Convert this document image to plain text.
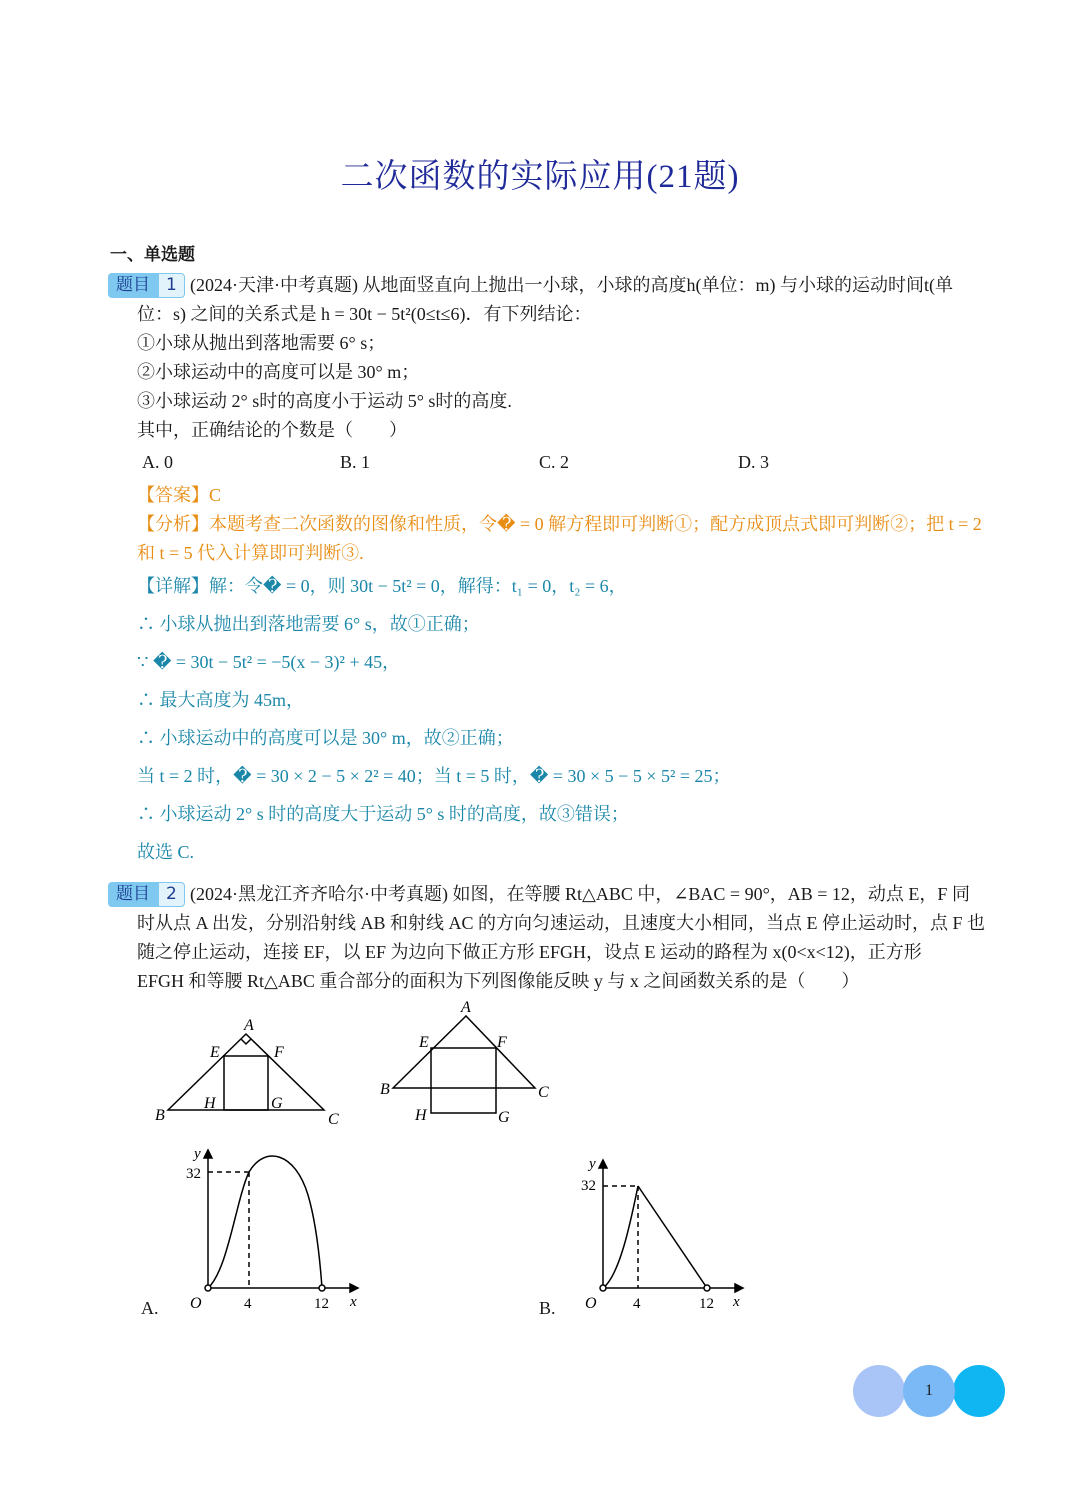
二次函数的实际应用(21题)
一、单选题
题目 1 (2024·天津·中考真题) 从地面竖直向上抛出一小球，小球的高度h(单位：m) 与小球的运动时间t(单
位：s) 之间的关系式是 h = 30t − 5t²(0≤t≤6)．有下列结论：
①小球从抛出到落地需要 6° s；
②小球运动中的高度可以是 30° m；
③小球运动 2° s时的高度小于运动 5° s时的高度.
其中，正确结论的个数是（　　）
A. 0	B. 1	C. 2	D. 3
【答案】C
【分析】本题考查二次函数的图像和性质，令� = 0 解方程即可判断①；配方成顶点式即可判断②；把 t = 2
和 t = 5 代入计算即可判断③.
【详解】解：令� = 0，则 30t − 5t² = 0，解得：t₁ = 0，t₂ = 6，
∴ 小球从抛出到落地需要 6° s，故①正确；
∵ � = 30t − 5t² = −5(x − 3)² + 45，
∴ 最大高度为 45m，
∴ 小球运动中的高度可以是 30° m，故②正确；
当 t = 2 时，� = 30 × 2 − 5 × 2² = 40；当 t = 5 时，� = 30 × 5 − 5 × 5² = 25；
∴ 小球运动 2° s 时的高度大于运动 5° s 时的高度，故③错误；
故选 C.
题目 2 (2024·黑龙江齐齐哈尔·中考真题) 如图，在等腰 Rt△ABC 中，∠BAC = 90°，AB = 12，动点 E，F 同
时从点 A 出发，分别沿射线 AB 和射线 AC 的方向匀速运动，且速度大小相同，当点 E 停止运动时，点 F 也
随之停止运动，连接 EF，以 EF 为边向下做正方形 EFGH，设点 E 运动的路程为 x(0<x<12)，正方形
EFGH 和等腰 Rt△ABC 重合部分的面积为下列图像能反映 y 与 x 之间函数关系的是（　　）
A
E	F
H	G
B	C
A
E	F
B	C
H	G
A.
y
32
O	4	12 x	B.
y
32
O 4	12 x
1
